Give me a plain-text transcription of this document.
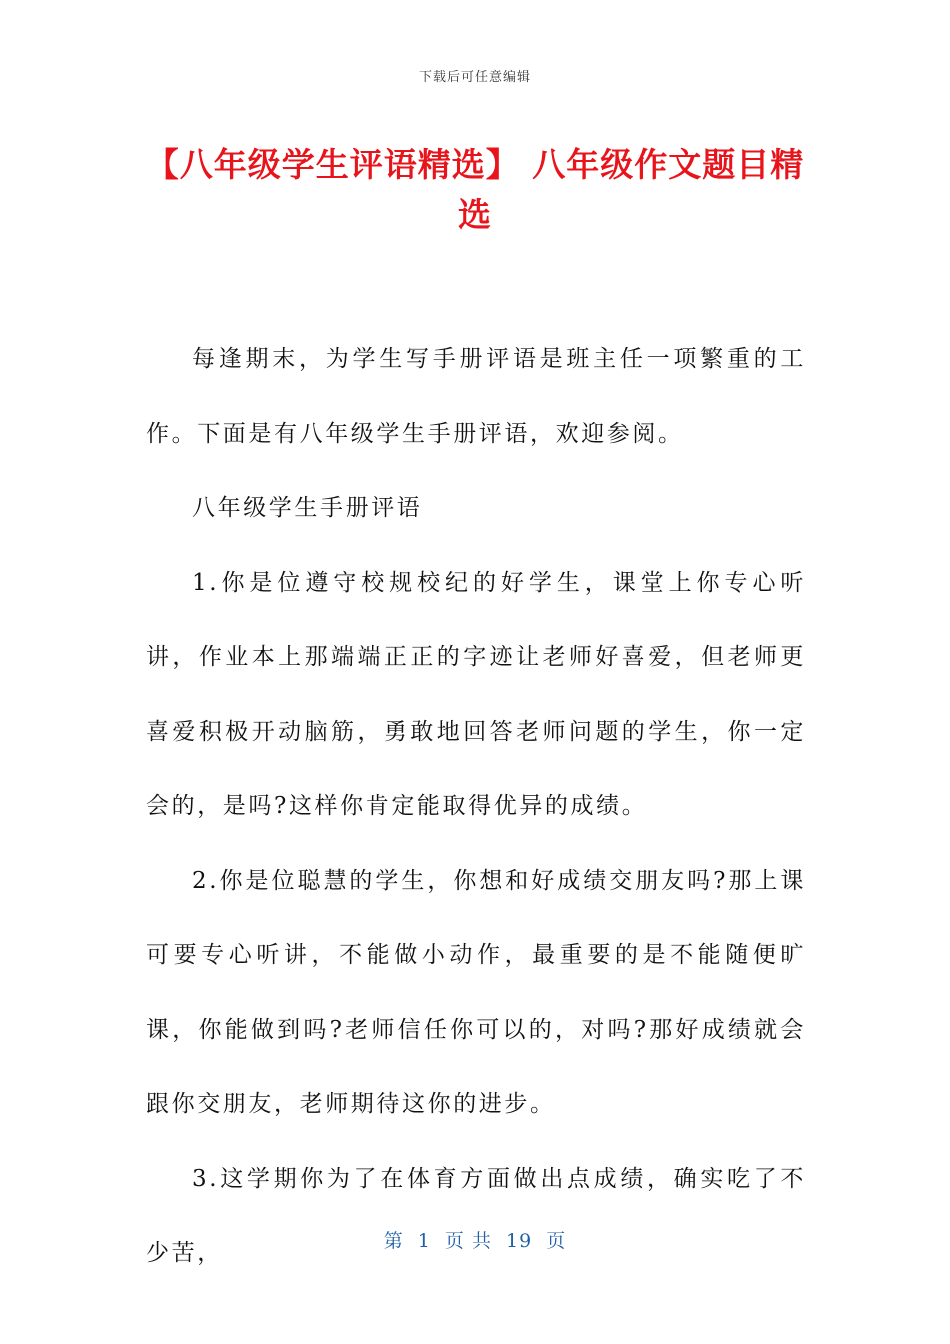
下载后可任意编辑
【八年级学生评语精选】 八年级作文题目精选

每逢期末，为学生写手册评语是班主任一项繁重的工作。下面是有八年级学生手册评语，欢迎参阅。

八年级学生手册评语

1.你是位遵守校规校纪的好学生，课堂上你专心听讲，作业本上那端端正正的字迹让老师好喜爱，但老师更喜爱积极开动脑筋，勇敢地回答老师问题的学生，你一定会的，是吗?这样你肯定能取得优异的成绩。

2.你是位聪慧的学生，你想和好成绩交朋友吗?那上课可要专心听讲，不能做小动作，最重要的是不能随便旷课，你能做到吗?老师信任你可以的，对吗?那好成绩就会跟你交朋友，老师期待这你的进步。

3.这学期你为了在体育方面做出点成绩，确实吃了不少苦，	第  1  页 共  19  页
